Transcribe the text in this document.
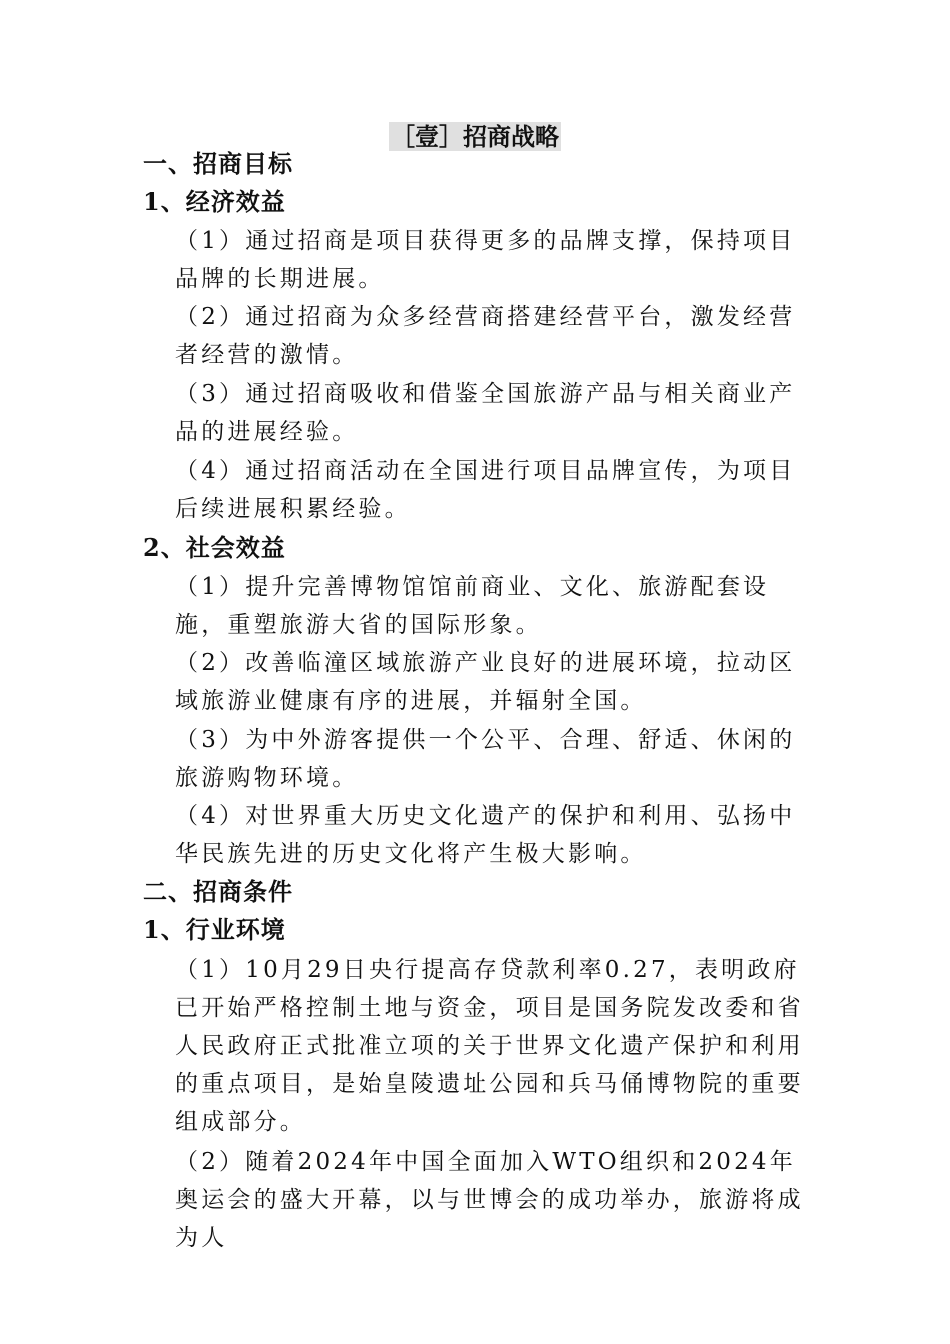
［壹］招商战略
一、招商目标
1、经济效益

（1）通过招商是项目获得更多的品牌支撑，保持项目品牌的长期进展。

（2）通过招商为众多经营商搭建经营平台，激发经营者经营的激情。

（3）通过招商吸收和借鉴全国旅游产品与相关商业产品的进展经验。

（4）通过招商活动在全国进行项目品牌宣传，为项目后续进展积累经验。

2、社会效益

（1）提升完善博物馆馆前商业、文化、旅游配套设施，重塑旅游大省的国际形象。

（2）改善临潼区域旅游产业良好的进展环境，拉动区域旅游业健康有序的进展，并辐射全国。

（3）为中外游客提供一个公平、合理、舒适、休闲的旅游购物环境。

（4）对世界重大历史文化遗产的保护和利用、弘扬中华民族先进的历史文化将产生极大影响。

二、招商条件
1、行业环境

（1）10月29日央行提高存贷款利率0.27，表明政府已开始严格控制土地与资金，项目是国务院发改委和省人民政府正式批准立项的关于世界文化遗产保护和利用的重点项目，是始皇陵遗址公园和兵马俑博物院的重要组成部分。

（2）随着2024年中国全面加入WTO组织和2024年奥运会的盛大开幕，以与世博会的成功举办，旅游将成为人
